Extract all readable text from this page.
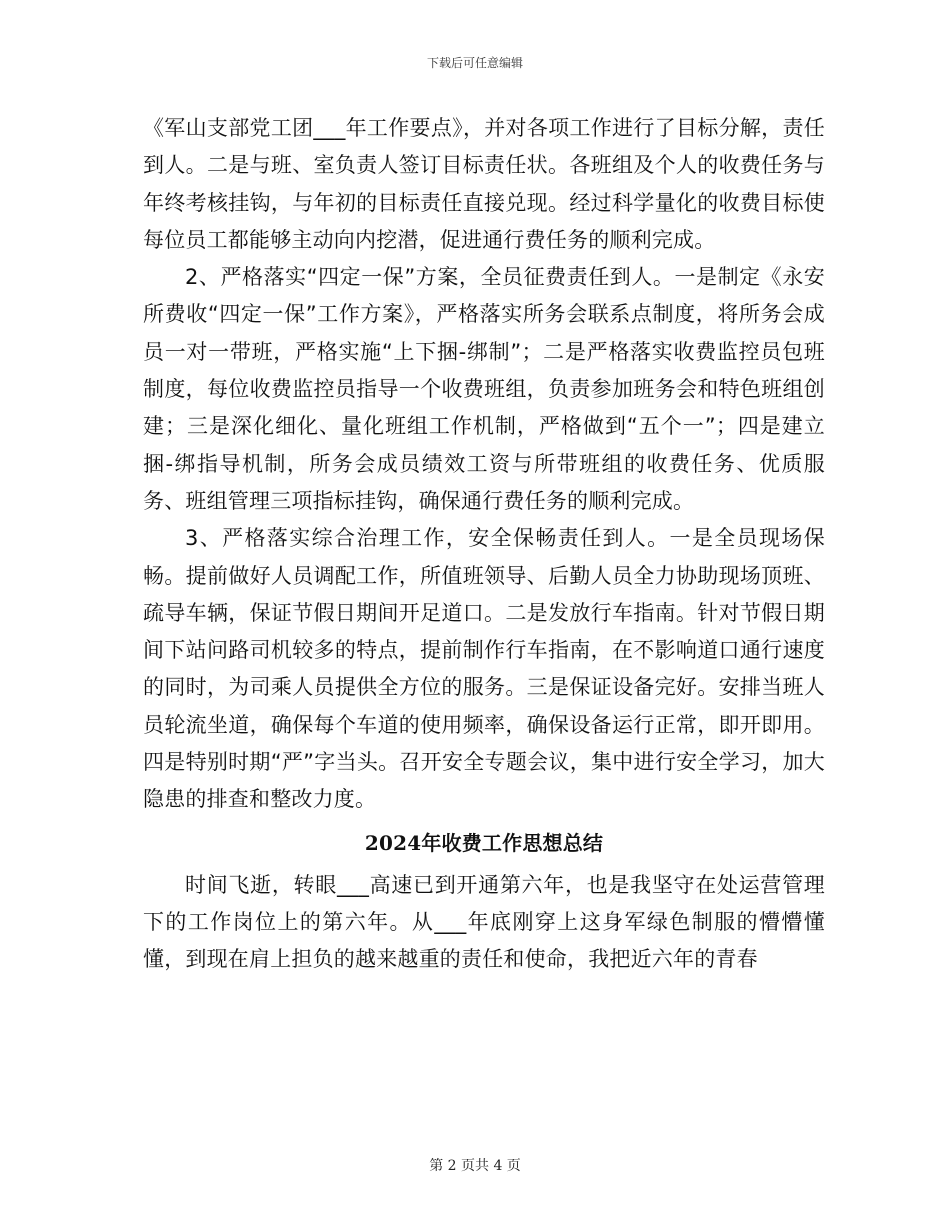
下载后可任意编辑

《军山支部党工团___年工作要点》，并对各项工作进行了目标分解，责任到人。二是与班、室负责人签订目标责任状。各班组及个人的收费任务与年终考核挂钩，与年初的目标责任直接兑现。经过科学量化的收费目标使每位员工都能够主动向内挖潜，促进通行费任务的顺利完成。

2、严格落实“四定一保”方案，全员征费责任到人。一是制定《永安所费收“四定一保”工作方案》，严格落实所务会联系点制度，将所务会成员一对一带班，严格实施“上下捆-绑制”；二是严格落实收费监控员包班制度，每位收费监控员指导一个收费班组，负责参加班务会和特色班组创建；三是深化细化、量化班组工作机制，严格做到“五个一”；四是建立捆-绑指导机制，所务会成员绩效工资与所带班组的收费任务、优质服务、班组管理三项指标挂钩，确保通行费任务的顺利完成。

3、严格落实综合治理工作，安全保畅责任到人。一是全员现场保畅。提前做好人员调配工作，所值班领导、后勤人员全力协助现场顶班、疏导车辆，保证节假日期间开足道口。二是发放行车指南。针对节假日期间下站问路司机较多的特点，提前制作行车指南，在不影响道口通行速度的同时，为司乘人员提供全方位的服务。三是保证设备完好。安排当班人员轮流坐道，确保每个车道的使用频率，确保设备运行正常，即开即用。四是特别时期“严”字当头。召开安全专题会议，集中进行安全学习，加大隐患的排查和整改力度。

2024年收费工作思想总结

时间飞逝，转眼___高速已到开通第六年，也是我坚守在处运营管理下的工作岗位上的第六年。从___年底刚穿上这身军绿色制服的懵懵懂懂，到现在肩上担负的越来越重的责任和使命，我把近六年的青春

第 2 页共 4 页
